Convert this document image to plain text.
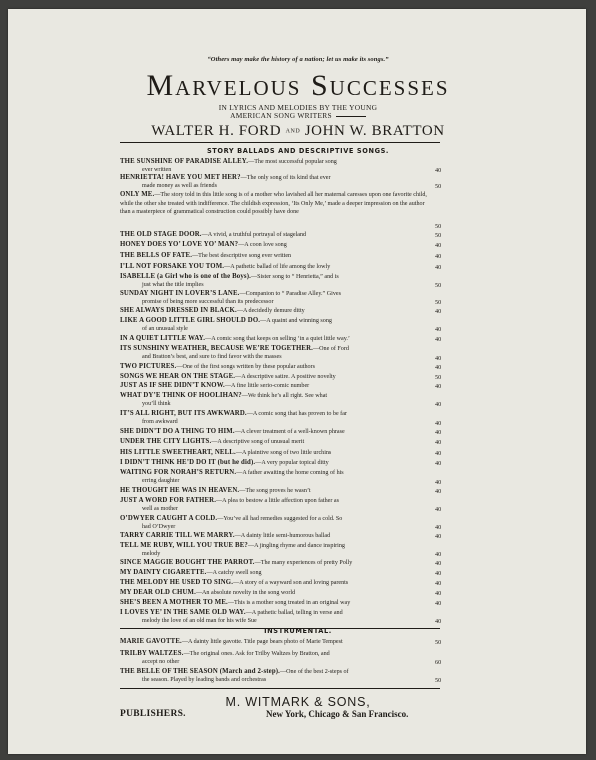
“Others may make the history of a nation; let us make its songs.”
Marvelous Successes
IN LYRICS AND MELODIES BY THE YOUNG
AMERICAN SONG WRITERS
WALTER H. FORD AND JOHN W. BRATTON
STORY BALLADS AND DESCRIPTIVE SONGS.
THE SUNSHINE OF PARADISE ALLEY.—The most successful popular song
ever written	40
HENRIETTA! HAVE YOU MET HER?—The only song of its kind that ever
made money as well as friends	50
ONLY ME.—The story told in this little song is of a mother who lavished all her maternal caresses upon one favorite child, while the other she treated with indifference. The childish expression, ‘Its Only Me,’ made a deeper impression on the author than a masterpiece of grammatical construction could possibly have done
50
THE OLD STAGE DOOR.—A vivid, a truthful portrayal of stageland	50
HONEY DOES YO’ LOVE YO’ MAN?—A coon love song	40
THE BELLS OF FATE.—The best descriptive song ever written	40
I’LL NOT FORSAKE YOU TOM.—A pathetic ballad of life among the lowly	40
ISABELLE (a Girl who is one of the Boys).—Sister song to “ Henrietta,” and is
just what the title implies	50
SUNDAY NIGHT IN LOVER’S LANE.—Companion to “ Paradise Alley.” Gives
promise of being more successful than its predecessor	50
SHE ALWAYS DRESSED IN BLACK.—A decidedly demure ditty	40
LIKE A GOOD LITTLE GIRL SHOULD DO.—A quaint and winning song
of an unusual style	40
IN A QUIET LITTLE WAY.—A comic song that keeps on selling ‘in a quiet little way.’	40
ITS SUNSHINY WEATHER, BECAUSE WE’RE TOGETHER.—One of Ford
and Bratton’s best, and sure to find favor with the masses	40
TWO PICTURES.—One of the first songs written by these popular authors	40
SONGS WE HEAR ON THE STAGE.—A descriptive satire. A positive novelty	50
JUST AS IF SHE DIDN’T KNOW.—A fine little serio-comic number	40
WHAT DY’E THINK OF HOOLIHAN?—We think he’s all right. See what
you’ll think	40
IT’S ALL RIGHT, BUT ITS AWKWARD.—A comic song that has proven to be far
from awkward	40
SHE DIDN’T DO A THING TO HIM.—A clever treatment of a well-known phrase	40
UNDER THE CITY LIGHTS.—A descriptive song of unusual merit	40
HIS LITTLE SWEETHEART, NELL.—A plaintive song of two little urchins	40
I DIDN’T THINK HE’D DO IT (but he did).—A very popular topical ditty	40
WAITING FOR NORAH’S RETURN.—A father awaiting the home coming of his
erring daughter	40
HE THOUGHT HE WAS IN HEAVEN.—The song proves he wasn’t	40
JUST A WORD FOR FATHER.—A plea to bestow a little affection upon father as
well as mother	40
O’DWYER CAUGHT A COLD.—You’ve all had remedies suggested for a cold. So
had O’Dwyer	40
TARRY CARRIE TILL WE MARRY.—A dainty little semi-humorous ballad	40
TELL ME RUBY, WILL YOU TRUE BE?—A jingling rhyme and dance inspiring
melody	40
SINCE MAGGIE BOUGHT THE PARROT.—The many experiences of pretty Polly	40
MY DAINTY CIGARETTE.—A catchy swell song	40
THE MELODY HE USED TO SING.—A story of a wayward son and loving parents	40
MY DEAR OLD CHUM.—An absolute novelty in the song world	40
SHE’S BEEN A MOTHER TO ME.—This is a mother song treated in an original way	40
I LOVES YE’ IN THE SAME OLD WAY.—A pathetic ballad, telling in verse and
melody the love of an old man for his wife Sue	40
INSTRUMENTAL.
MARIE GAVOTTE.—A dainty little gavotte. Title page bears photo of Marie Tempest	50
TRILBY WALTZES.—The original ones. Ask for Trilby Waltzes by Bratton, and
accept no other	60
THE BELLE OF THE SEASON (March and 2-step).—One of the best 2-steps of
the season. Played by leading bands and orchestras	50
M. WITMARK & SONS,
PUBLISHERS.	New York, Chicago & San Francisco.
